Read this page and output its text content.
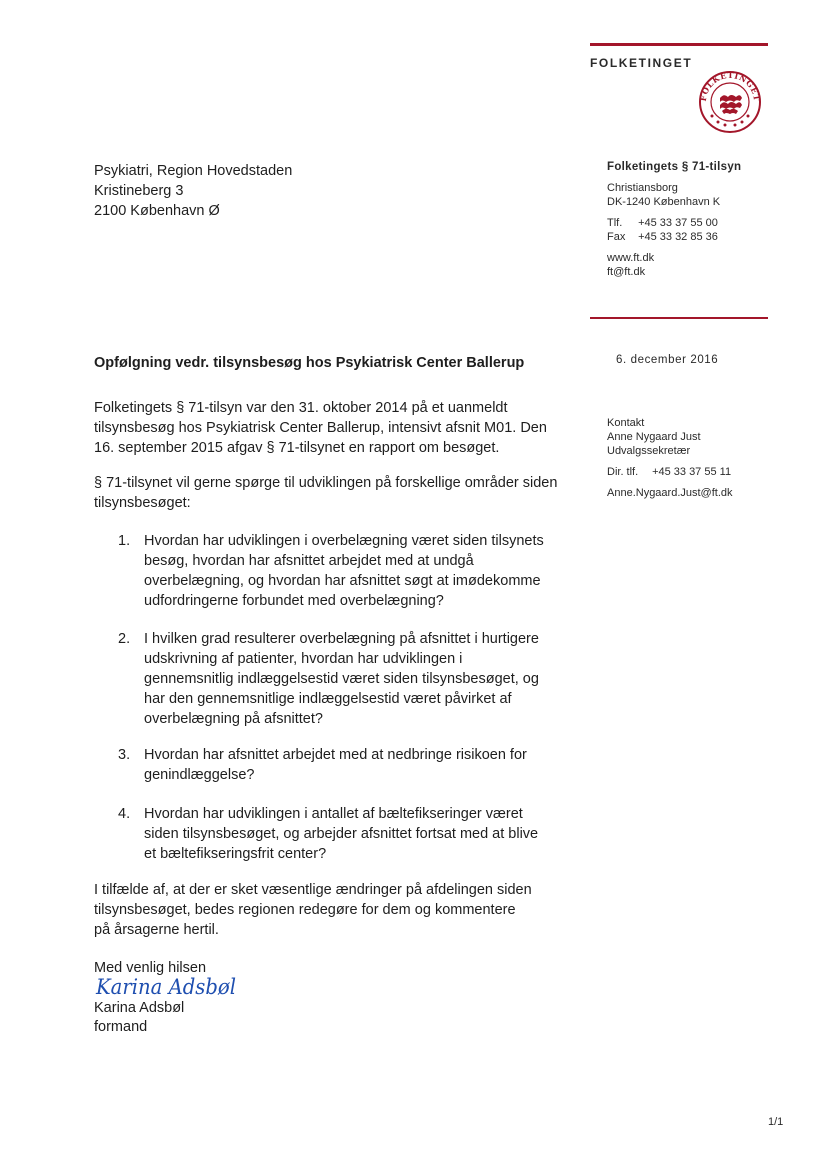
FOLKETINGET
FOLKETINGET
Psykiatri, Region Hovedstaden
Kristineberg 3
2100 København Ø
Folketingets § 71-tilsyn
Christiansborg
DK-1240 København K
Tlf. +45 33 37 55 00
Fax +45 33 32 85 36
www.ft.dk
ft@ft.dk
6. december 2016
Kontakt
Anne Nygaard Just
Udvalgssekretær
Dir. tlf. +45 33 37 55 11
Anne.Nygaard.Just@ft.dk
Opfølgning vedr. tilsynsbesøg hos Psykiatrisk Center Ballerup
Folketingets § 71-tilsyn var den 31. oktober 2014 på et uanmeldt tilsynsbesøg hos Psykiatrisk Center Ballerup, intensivt afsnit M01. Den 16. september 2015 afgav § 71-tilsynet en rapport om besøget.
§ 71-tilsynet vil gerne spørge til udviklingen på forskellige områder siden tilsynsbesøget:
1. Hvordan har udviklingen i overbelægning været siden tilsynets besøg, hvordan har afsnittet arbejdet med at undgå overbelægning, og hvordan har afsnittet søgt at imødekomme udfordringerne forbundet med overbelægning?
2. I hvilken grad resulterer overbelægning på afsnittet i hurtigere udskrivning af patienter, hvordan har udviklingen i gennemsnitlig indlæggelsestid været siden tilsynsbesøget, og har den gennemsnitlige indlæggelsestid været påvirket af overbelægning på afsnittet?
3. Hvordan har afsnittet arbejdet med at nedbringe risikoen for genindlæggelse?
4. Hvordan har udviklingen i antallet af bæltefikseringer været siden tilsynsbesøget, og arbejder afsnittet fortsat med at blive et bæltefikseringsfrit center?
I tilfælde af, at der er sket væsentlige ændringer på afdelingen siden tilsynsbesøget, bedes regionen redegøre for dem og kommentere på årsagerne hertil.
Med venlig hilsen
Karina Adsbøl
Karina Adsbøl
formand
1/1
